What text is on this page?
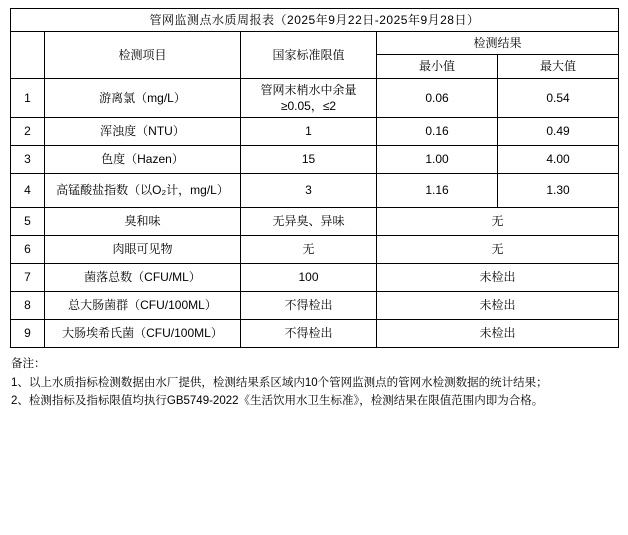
管网监测点水质周报表（2025年9月22日-2025年9月28日）				
	检测项目	国家标准限值	检测结果	
			最小值	最大值
1	游离氯（mg/L）	管网末梢水中余量≥0.05，≤2	0.06	0.54
2	浑浊度（NTU）	1	0.16	0.49
3	色度（Hazen）	15	1.00	4.00
4	高锰酸盐指数（以O₂计，mg/L）	3	1.16	1.30
5	臭和味	无异臭、异味	无	
6	肉眼可见物	无	无	
7	菌落总数（CFU/ML）	100	未检出	
8	总大肠菌群（CFU/100ML）	不得检出	未检出	
9	大肠埃希氏菌（CFU/100ML）	不得检出	未检出	
备注：
1、以上水质指标检测数据由水厂提供，检测结果系区域内10个管网监测点的管网水检测数据的统计结果；
2、检测指标及指标限值均执行GB5749-2022《生活饮用水卫生标准》，检测结果在限值范围内即为合格。
